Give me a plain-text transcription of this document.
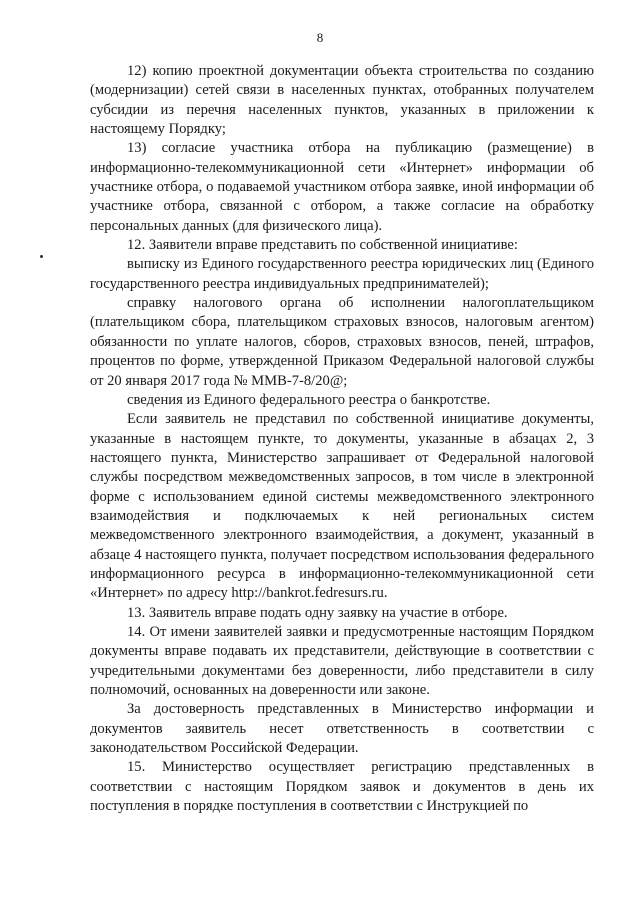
8

12) копию проектной документации объекта строительства по созданию (модернизации) сетей связи в населенных пунктах, отобранных получателем субсидии из перечня населенных пунктов, указанных в приложении к настоящему Порядку;

13) согласие участника отбора на публикацию (размещение) в информационно-телекоммуникационной сети «Интернет» информации об участнике отбора, о подаваемой участником отбора заявке, иной информации об участнике отбора, связанной с отбором, а также согласие на обработку персональных данных (для физического лица).

12. Заявители вправе представить по собственной инициативе:

выписку из Единого государственного реестра юридических лиц (Единого государственного реестра индивидуальных предпринимателей);

справку налогового органа об исполнении налогоплательщиком (плательщиком сбора, плательщиком страховых взносов, налоговым агентом) обязанности по уплате налогов, сборов, страховых взносов, пеней, штрафов, процентов по форме, утвержденной Приказом Федеральной налоговой службы от 20 января 2017 года № ММВ-7-8/20@;

сведения из Единого федерального реестра о банкротстве.

Если заявитель не представил по собственной инициативе документы, указанные в настоящем пункте, то документы, указанные в абзацах 2, 3 настоящего пункта, Министерство запрашивает от Федеральной налоговой службы посредством межведомственных запросов, в том числе в электронной форме с использованием единой системы межведомственного электронного взаимодействия и подключаемых к ней региональных систем межведомственного электронного взаимодействия, а документ, указанный в абзаце 4 настоящего пункта, получает посредством использования федерального информационного ресурса в информационно-телекоммуникационной сети «Интернет» по адресу http://bankrot.fedresurs.ru.

13. Заявитель вправе подать одну заявку на участие в отборе.

14. От имени заявителей заявки и предусмотренные настоящим Порядком документы вправе подавать их представители, действующие в соответствии с учредительными документами без доверенности, либо представители в силу полномочий, основанных на доверенности или законе.

За достоверность представленных в Министерство информации и документов заявитель несет ответственность в соответствии с законодательством Российской Федерации.

15. Министерство осуществляет регистрацию представленных в соответствии с настоящим Порядком заявок и документов в день их поступления в порядке поступления в соответствии с Инструкцией по
